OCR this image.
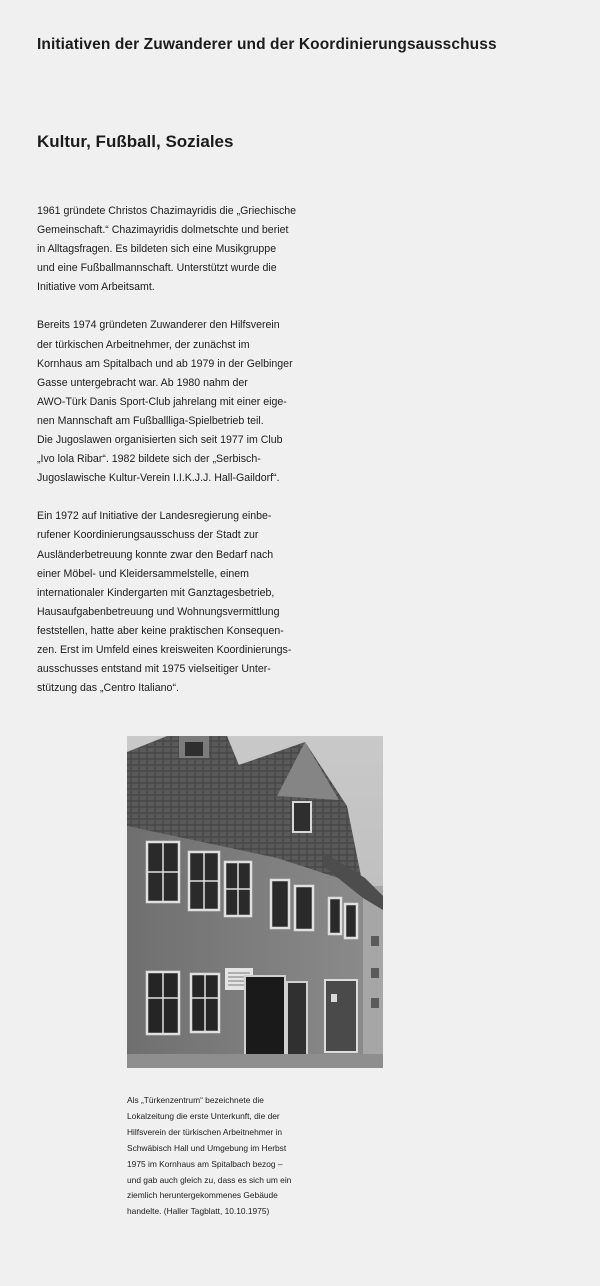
Initiativen der Zuwanderer und der Koordinierungsausschuss
Kultur, Fußball, Soziales

1961 gründete Christos Chazimayridis die „Griechische
Gemeinschaft.“ Chazimayridis dolmetschte und beriet
in Alltagsfragen. Es bildeten sich eine Musikgruppe
und eine Fußballmannschaft. Unterstützt wurde die
Initiative vom Arbeitsamt.

Bereits 1974 gründeten Zuwanderer den Hilfsverein
der türkischen Arbeitnehmer, der zunächst im
Kornhaus am Spitalbach und ab 1979 in der Gelbinger
Gasse untergebracht war. Ab 1980 nahm der
AWO-Türk Danis Sport-Club jahrelang mit einer eige-
nen Mannschaft am Fußballliga-Spielbetrieb teil.
Die Jugoslawen organisierten sich seit 1977 im Club
„Ivo lola Ribar“. 1982 bildete sich der „Serbisch-
Jugoslawische Kultur-Verein I.I.K.J.J. Hall-Gaildorf“.

Ein 1972 auf Initiative der Landesregierung einbe-
rufener Koordinierungsausschuss der Stadt zur
Ausländerbetreuung konnte zwar den Bedarf nach
einer Möbel- und Kleidersammelstelle, einem
internationaler Kindergarten mit Ganztagesbetrieb,
Hausaufgabenbetreuung und Wohnungsvermittlung
feststellen, hatte aber keine praktischen Konsequen-
zen. Erst im Umfeld eines kreisweiten Koordinierungs-
ausschusses entstand mit 1975 vielseitiger Unter-
stützung das „Centro Italiano“.

Als „Türkenzentrum“ bezeichnete die
Lokalzeitung die erste Unterkunft, die der
Hilfsverein der türkischen Arbeitnehmer in
Schwäbisch Hall und Umgebung im Herbst
1975 im Kornhaus am Spitalbach bezog –
und gab auch gleich zu, dass es sich um ein
ziemlich heruntergekommenes Gebäude
handelte. (Haller Tagblatt, 10.10.1975)
